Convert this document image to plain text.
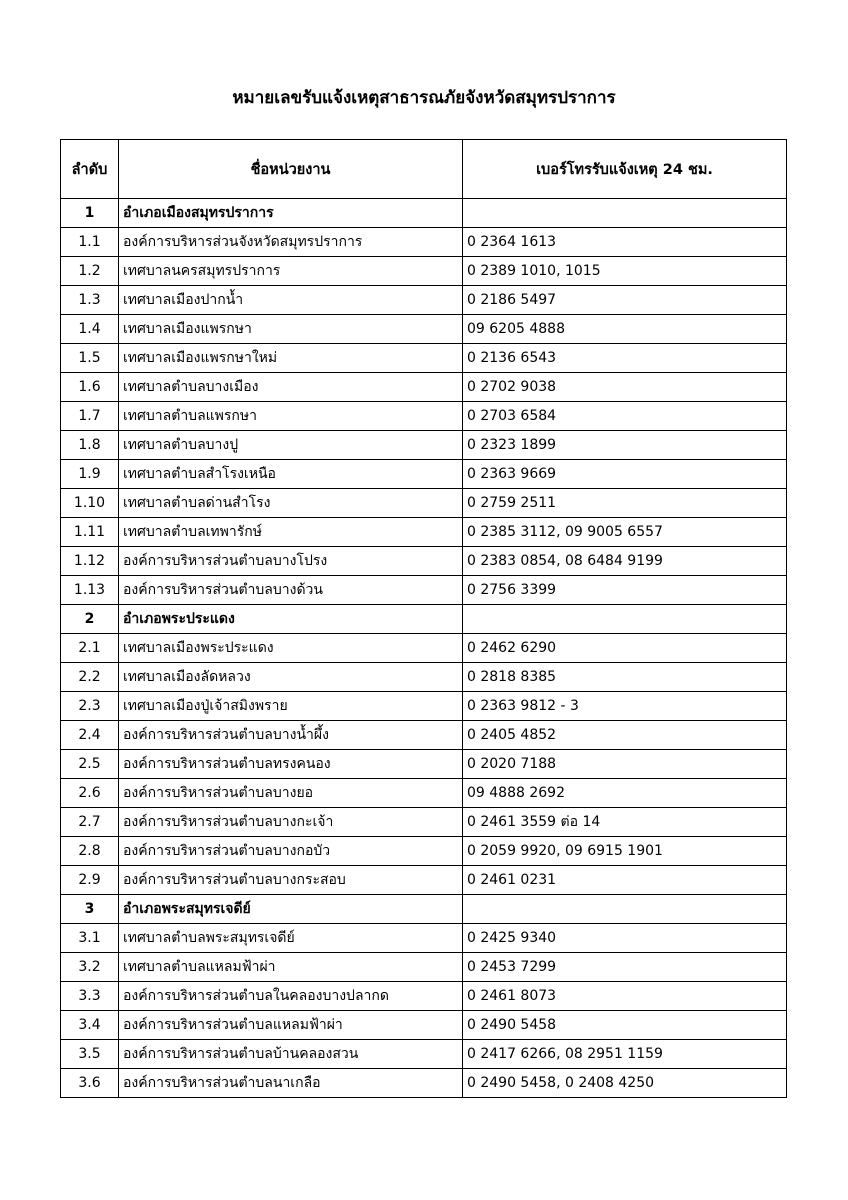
หมายเลขรับแจ้งเหตุสาธารณภัยจังหวัดสมุทรปราการ
ลำดับ	ชื่อหน่วยงาน	เบอร์โทรรับแจ้งเหตุ 24 ชม.
1	อำเภอเมืองสมุทรปราการ	
1.1	องค์การบริหารส่วนจังหวัดสมุทรปราการ	0 2364 1613
1.2	เทศบาลนครสมุทรปราการ	0 2389 1010, 1015
1.3	เทศบาลเมืองปากน้ำ	0 2186 5497
1.4	เทศบาลเมืองแพรกษา	09 6205 4888
1.5	เทศบาลเมืองแพรกษาใหม่	0 2136 6543
1.6	เทศบาลตำบลบางเมือง	0 2702 9038
1.7	เทศบาลตำบลแพรกษา	0 2703 6584
1.8	เทศบาลตำบลบางปู	0 2323 1899
1.9	เทศบาลตำบลสำโรงเหนือ	0 2363 9669
1.10	เทศบาลตำบลด่านสำโรง	0 2759 2511
1.11	เทศบาลตำบลเทพารักษ์	0 2385 3112, 09 9005 6557
1.12	องค์การบริหารส่วนตำบลบางโปรง	0 2383 0854, 08 6484 9199
1.13	องค์การบริหารส่วนตำบลบางด้วน	0 2756 3399
2	อำเภอพระประแดง	
2.1	เทศบาลเมืองพระประแดง	0 2462 6290
2.2	เทศบาลเมืองลัดหลวง	0 2818 8385
2.3	เทศบาลเมืองปู่เจ้าสมิงพราย	0 2363 9812 - 3
2.4	องค์การบริหารส่วนตำบลบางน้ำผึ้ง	0 2405 4852
2.5	องค์การบริหารส่วนตำบลทรงคนอง	0 2020 7188
2.6	องค์การบริหารส่วนตำบลบางยอ	09 4888 2692
2.7	องค์การบริหารส่วนตำบลบางกะเจ้า	0 2461 3559 ต่อ 14
2.8	องค์การบริหารส่วนตำบลบางกอบัว	0 2059 9920, 09 6915 1901
2.9	องค์การบริหารส่วนตำบลบางกระสอบ	0 2461 0231
3	อำเภอพระสมุทรเจดีย์	
3.1	เทศบาลตำบลพระสมุทรเจดีย์	0 2425 9340
3.2	เทศบาลตำบลแหลมฟ้าผ่า	0 2453 7299
3.3	องค์การบริหารส่วนตำบลในคลองบางปลากด	0 2461 8073
3.4	องค์การบริหารส่วนตำบลแหลมฟ้าผ่า	0 2490 5458
3.5	องค์การบริหารส่วนตำบลบ้านคลองสวน	0 2417 6266, 08 2951 1159
3.6	องค์การบริหารส่วนตำบลนาเกลือ	0 2490 5458, 0 2408 4250
